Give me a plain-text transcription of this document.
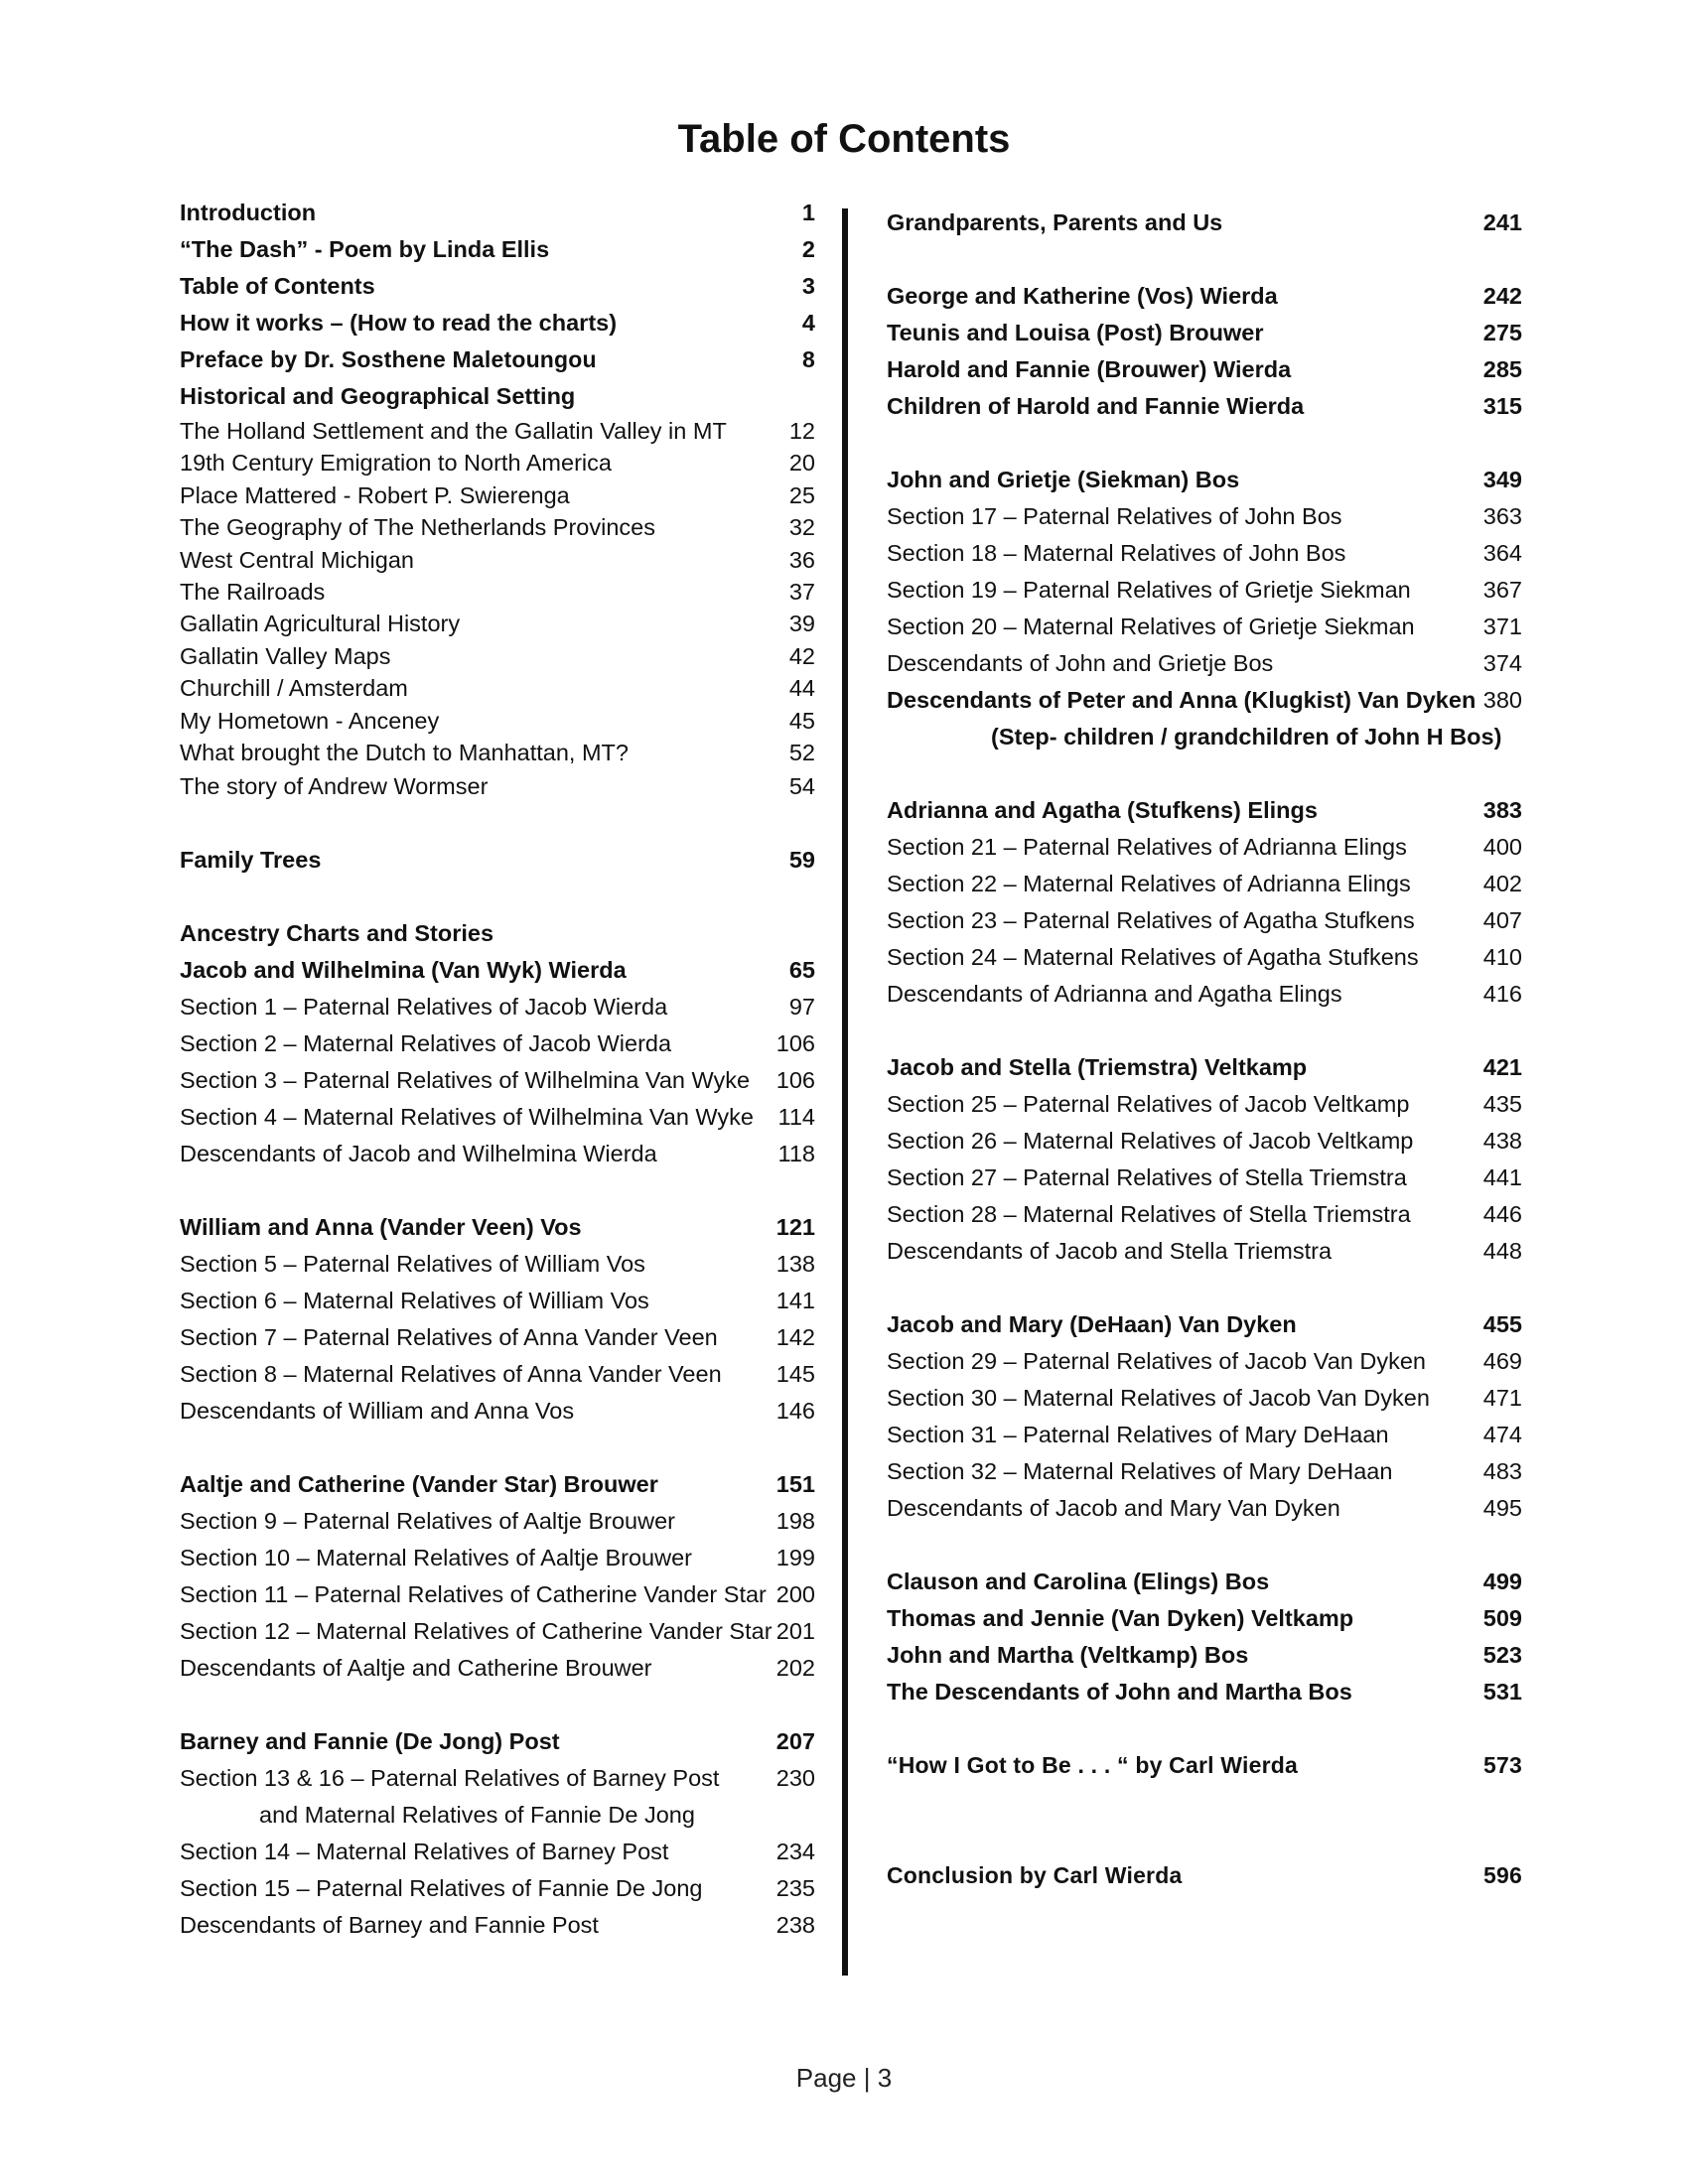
Table of Contents
Introduction	1
“The Dash” - Poem by Linda Ellis	2
Table of Contents	3
How it works – (How to read the charts)	4
Preface by Dr. Sosthene Maletoungou	8
Historical and Geographical Setting
The Holland Settlement and the Gallatin Valley in MT	12
19th Century Emigration to North America	20
Place Mattered - Robert P. Swierenga	25
The Geography of The Netherlands Provinces	32
West Central Michigan	36
The Railroads	37
Gallatin Agricultural History	39
Gallatin Valley Maps	42
Churchill / Amsterdam	44
My Hometown - Anceney	45
What brought the Dutch to Manhattan, MT?	52
The story of Andrew Wormser	54
Family Trees	59
Ancestry Charts and Stories
Jacob and Wilhelmina (Van Wyk) Wierda	65
Section 1 – Paternal Relatives of Jacob Wierda	97
Section 2 – Maternal Relatives of Jacob Wierda	106
Section 3 – Paternal Relatives of Wilhelmina Van Wyke 106
Section 4 – Maternal Relatives of Wilhelmina Van Wyke 114
Descendants of Jacob and Wilhelmina Wierda	118
William and Anna (Vander Veen) Vos	121
Section 5 – Paternal Relatives of William Vos	138
Section 6 – Maternal Relatives of William Vos	141
Section 7 – Paternal Relatives of Anna Vander Veen	142
Section 8 – Maternal Relatives of Anna Vander Veen 145
Descendants of William and Anna Vos	146
Aaltje and Catherine (Vander Star) Brouwer	151
Section 9 – Paternal Relatives of Aaltje Brouwer	198
Section 10 – Maternal Relatives of Aaltje Brouwer	199
Section 11 – Paternal Relatives of Catherine Vander Star 200
Section 12 – Maternal Relatives of Catherine Vander Star 201
Descendants of Aaltje and Catherine Brouwer	202
Barney and Fannie (De Jong) Post	207
Section 13 & 16 – Paternal Relatives of Barney Post 230
and Maternal Relatives of Fannie De Jong
Section 14 – Maternal Relatives of Barney Post	234
Section 15 – Paternal Relatives of Fannie De Jong	235
Descendants of Barney and Fannie Post	238
Grandparents, Parents and Us	241
George and Katherine (Vos) Wierda	242
Teunis and Louisa (Post) Brouwer	275
Harold and Fannie (Brouwer) Wierda	285
Children of Harold and Fannie Wierda	315
John and Grietje (Siekman) Bos	349
Section 17 – Paternal Relatives of John Bos	363
Section 18 – Maternal Relatives of John Bos	364
Section 19 – Paternal Relatives of Grietje Siekman	367
Section 20 – Maternal Relatives of Grietje Siekman	371
Descendants of John and Grietje Bos	374
Descendants of Peter and Anna (Klugkist) Van Dyken 380
(Step- children / grandchildren of John H Bos)
Adrianna and Agatha (Stufkens) Elings	383
Section 21 – Paternal Relatives of Adrianna Elings	400
Section 22 – Maternal Relatives of Adrianna Elings	402
Section 23 – Paternal Relatives of Agatha Stufkens	407
Section 24 – Maternal Relatives of Agatha Stufkens	410
Descendants of Adrianna and Agatha Elings	416
Jacob and Stella (Triemstra) Veltkamp	421
Section 25 – Paternal Relatives of Jacob Veltkamp	435
Section 26 – Maternal Relatives of Jacob Veltkamp	438
Section 27 – Paternal Relatives of Stella Triemstra	441
Section 28 – Maternal Relatives of Stella Triemstra	446
Descendants of Jacob and Stella Triemstra	448
Jacob and Mary (DeHaan) Van Dyken	455
Section 29 – Paternal Relatives of Jacob Van Dyken 469
Section 30 – Maternal Relatives of Jacob Van Dyken 471
Section 31 – Paternal Relatives of Mary DeHaan	474
Section 32 – Maternal Relatives of Mary DeHaan	483
Descendants of Jacob and Mary Van Dyken	495
Clauson and Carolina (Elings) Bos	499
Thomas and Jennie (Van Dyken) Veltkamp	509
John and Martha (Veltkamp) Bos	523
The Descendants of John and Martha Bos	531
“How I Got to Be . . . “ by Carl Wierda	573
Conclusion by Carl Wierda	596
Page | 3
